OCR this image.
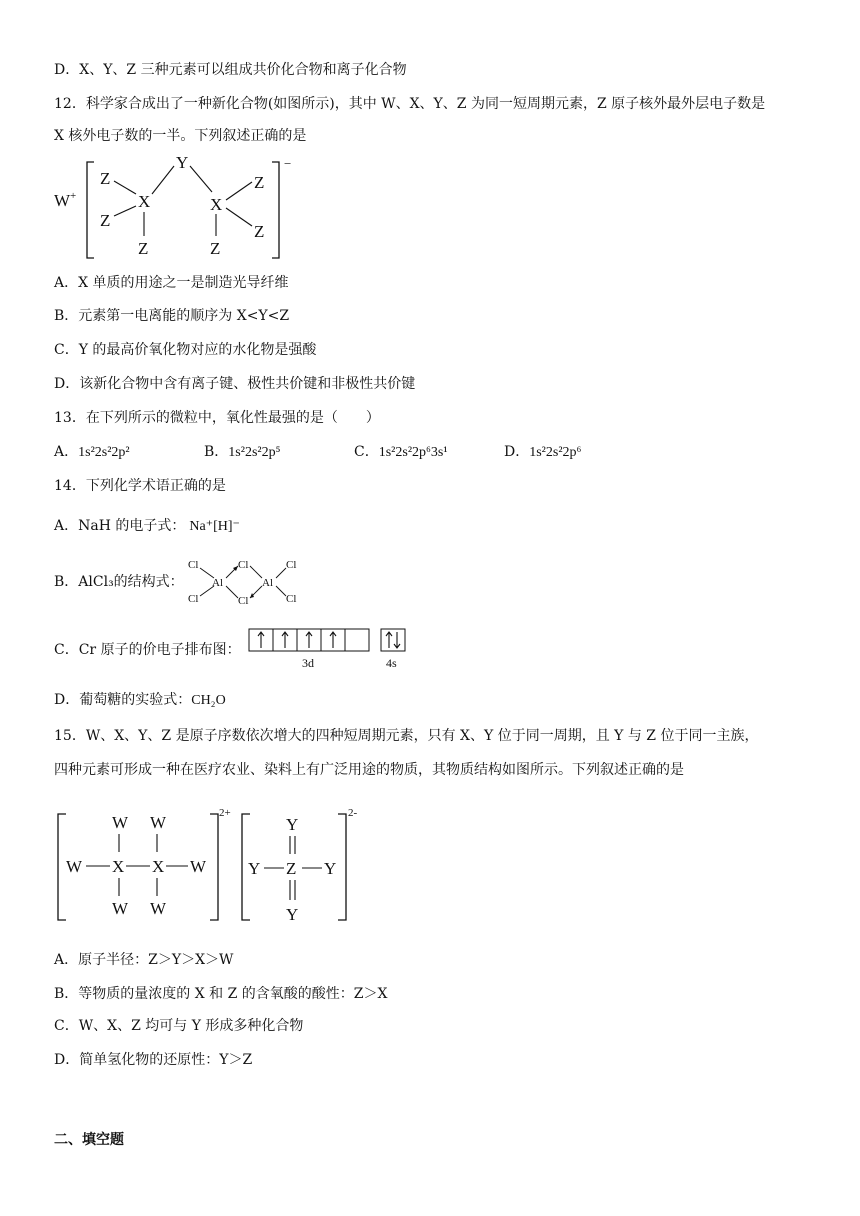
D．X、Y、Z 三种元素可以组成共价化合物和离子化合物
12．科学家合成出了一种新化合物(如图所示)，其中 W、X、Y、Z 为同一短周期元素，Z 原子核外最外层电子数是
X 核外电子数的一半。下列叙述正确的是
W+
−
Z
Z
X
Z
Y
X
Z
Z
Z
A．X 单质的用途之一是制造光导纤维
B．元素第一电离能的顺序为 X<Y<Z
C．Y 的最高价氧化物对应的水化物是强酸
D．该新化合物中含有离子键、极性共价键和非极性共价键
13．在下列所示的微粒中，氧化性最强的是（　　）
A．1s²2s²2p²	B．1s²2s²2p⁵	C．1s²2s²2p⁶3s¹	D．1s²2s²2p⁶
14．下列化学术语正确的是
A．NaH 的电子式： Na⁺[H]⁻
B．AlCl₃的结构式：
Cl
Cl
Al
Cl
Cl
Al
Cl
Cl
C．Cr 原子的价电子排布图：
3d	4s
D．葡萄糖的实验式：CH₂O
15．W、X、Y、Z 是原子序数依次增大的四种短周期元素，只有 X、Y 位于同一周期，且 Y 与 Z 位于同一主族，
四种元素可形成一种在医疗农业、染料上有广泛用途的物质，其物质结构如图所示。下列叙述正确的是
2+
W W
W X X W
W W
2-
Y
Y Z Y
Y
A．原子半径：Z＞Y＞X＞W
B．等物质的量浓度的 X 和 Z 的含氧酸的酸性：Z＞X
C．W、X、Z 均可与 Y 形成多种化合物
D．简单氢化物的还原性：Y＞Z
二、填空题
